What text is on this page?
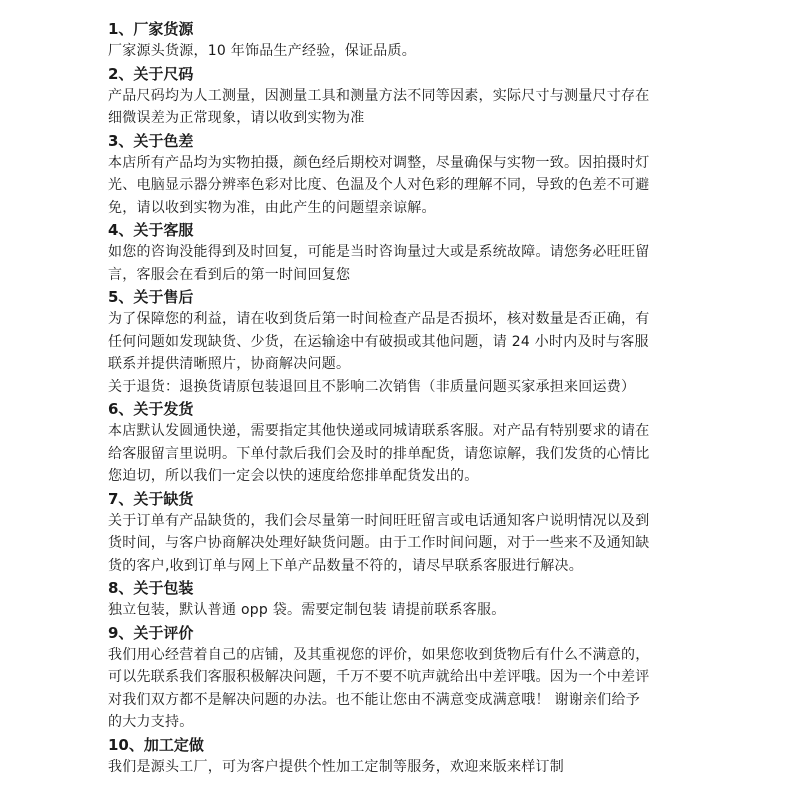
1、厂家货源
厂家源头货源，10 年饰品生产经验，保证品质。
2、关于尺码
产品尺码均为人工测量，因测量工具和测量方法不同等因素，实际尺寸与测量尺寸存在
细微误差为正常现象，请以收到实物为准
3、关于色差
本店所有产品均为实物拍摄，颜色经后期校对调整，尽量确保与实物一致。因拍摄时灯
光、电脑显示器分辨率色彩对比度、色温及个人对色彩的理解不同，导致的色差不可避
免，请以收到实物为准，由此产生的问题望亲谅解。
4、关于客服
如您的咨询没能得到及时回复，可能是当时咨询量过大或是系统故障。请您务必旺旺留
言，客服会在看到后的第一时间回复您
5、关于售后
为了保障您的利益，请在收到货后第一时间检查产品是否损坏，核对数量是否正确，有
任何问题如发现缺货、少货，在运输途中有破损或其他问题，请 24 小时内及时与客服
联系并提供清晰照片，协商解决问题。
关于退货：退换货请原包装退回且不影响二次销售（非质量问题买家承担来回运费）
6、关于发货
本店默认发圆通快递，需要指定其他快递或同城请联系客服。对产品有特别要求的请在
给客服留言里说明。下单付款后我们会及时的排单配货，请您谅解，我们发货的心情比
您迫切，所以我们一定会以快的速度给您排单配货发出的。
7、关于缺货
关于订单有产品缺货的，我们会尽量第一时间旺旺留言或电话通知客户说明情况以及到
货时间，与客户协商解决处理好缺货问题。由于工作时间问题，对于一些来不及通知缺
货的客户,收到订单与网上下单产品数量不符的，请尽早联系客服进行解决。
8、关于包装
独立包装，默认普通 opp 袋。需要定制包装 请提前联系客服。
9、关于评价
我们用心经营着自己的店铺，及其重视您的评价，如果您收到货物后有什么不满意的，
可以先联系我们客服积极解决问题，千万不要不吭声就给出中差评哦。因为一个中差评
对我们双方都不是解决问题的办法。也不能让您由不满意变成满意哦！ 谢谢亲们给予
的大力支持。
10、加工定做
我们是源头工厂，可为客户提供个性加工定制等服务，欢迎来版来样订制
